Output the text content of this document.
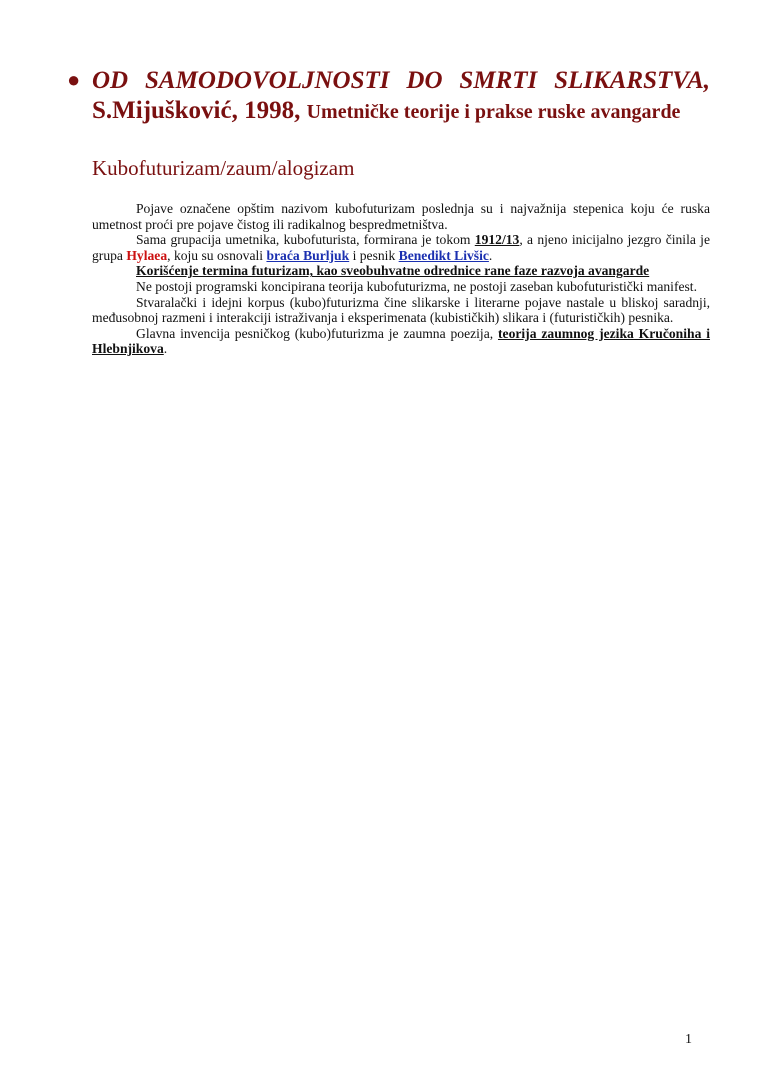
● OD SAMODOVOLJNOSTI DO SMRTI SLIKARSTVA, S.Mijušković, 1998, Umetničke teorije i prakse ruske avangarde
Kubofuturizam/zaum/alogizam

Pojave označene opštim nazivom kubofuturizam poslednja su i najvažnija stepenica koju će ruska umetnost proći pre pojave čistog ili radikalnog bespredmetništva.

Sama grupacija umetnika, kubofuturista, formirana je tokom 1912/13, a njeno inicijalno jezgro činila je grupa Hylaea, koju su osnovali braća Burljuk i pesnik Benedikt Livšic.

Korišćenje termina futurizam, kao sveobuhvatne odrednice rane faze razvoja avangarde

Ne postoji programski koncipirana teorija kubofuturizma, ne postoji zaseban kubofuturistički manifest.

Stvaralački i idejni korpus (kubo)futurizma čine slikarske i literarne pojave nastale u bliskoj saradnji, međusobnoj razmeni i interakciji istraživanja i eksperimenata (kubističkih) slikara i (futurističkih) pesnika.

Glavna invencija pesničkog (kubo)futurizma je zaumna poezija, teorija zaumnog jezika Kručoniha i Hlebnjikova.

1
